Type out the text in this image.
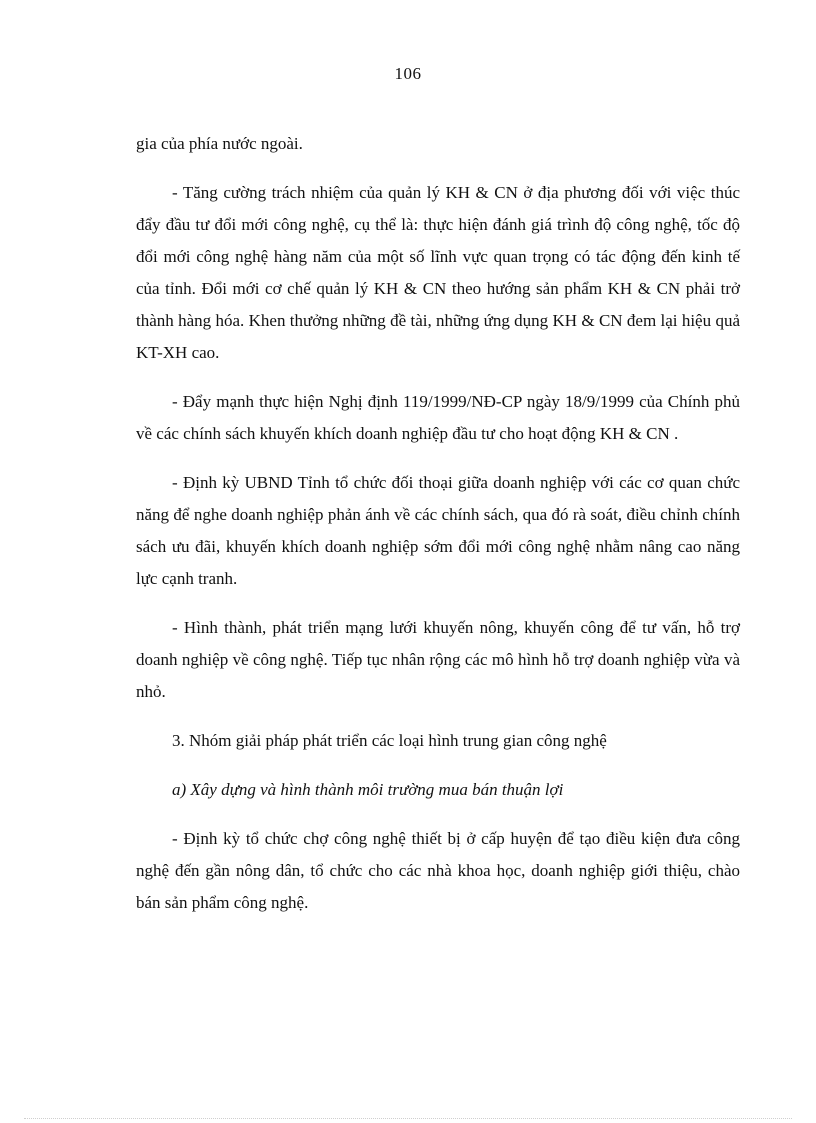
106

gia của phía nước ngoài.

- Tăng cường trách nhiệm của quản lý KH & CN ở địa phương đối với việc thúc đẩy đầu tư đổi mới công nghệ, cụ thể là: thực hiện đánh giá trình độ công nghệ, tốc độ đổi mới công nghệ hàng năm của một số lĩnh vực quan trọng có tác động đến kinh tế của tỉnh. Đổi mới cơ chế quản lý KH & CN theo hướng sản phẩm KH & CN phải trở thành hàng hóa. Khen thưởng những đề tài, những ứng dụng KH & CN đem lại hiệu quả KT-XH cao.

- Đẩy mạnh thực hiện Nghị định 119/1999/NĐ-CP ngày 18/9/1999 của Chính phủ về các chính sách khuyến khích doanh nghiệp đầu tư cho hoạt động KH & CN .

- Định kỳ UBND Tỉnh tổ chức đối thoại giữa doanh nghiệp với các cơ quan chức năng để nghe doanh nghiệp phản ánh về các chính sách, qua đó rà soát, điều chỉnh chính sách ưu đãi, khuyến khích doanh nghiệp sớm đổi mới công nghệ nhằm nâng cao năng lực cạnh tranh.

- Hình thành, phát triển mạng lưới khuyến nông, khuyến công để tư vấn, hỗ trợ doanh nghiệp về công nghệ. Tiếp tục nhân rộng các mô hình hỗ trợ doanh nghiệp vừa và nhỏ.

3. Nhóm giải pháp phát triển các loại hình trung gian công nghệ

a) Xây dựng và hình thành môi trường mua bán thuận lợi

- Định kỳ tổ chức chợ công nghệ thiết bị ở cấp huyện để tạo điều kiện đưa công nghệ đến gần nông dân, tổ chức cho các nhà khoa học, doanh nghiệp giới thiệu, chào bán sản phẩm công nghệ.
